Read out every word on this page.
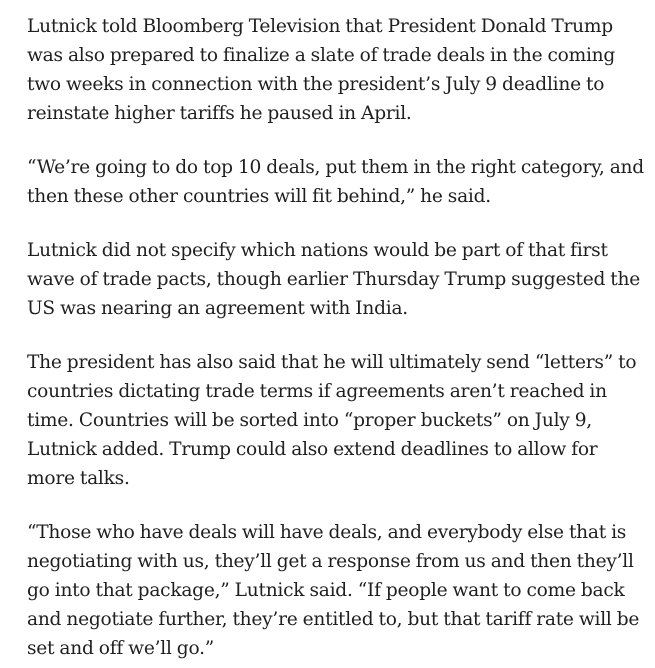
Lutnick told Bloomberg Television that President Donald Trump was also prepared to finalize a slate of trade deals in the coming two weeks in connection with the president’s July 9 deadline to reinstate higher tariffs he paused in April.

“We’re going to do top 10 deals, put them in the right category, and then these other countries will fit behind,” he said.

Lutnick did not specify which nations would be part of that first wave of trade pacts, though earlier Thursday Trump suggested the US was nearing an agreement with India.

The president has also said that he will ultimately send “letters” to countries dictating trade terms if agreements aren’t reached in time. Countries will be sorted into “proper buckets” on July 9, Lutnick added. Trump could also extend deadlines to allow for more talks.

“Those who have deals will have deals, and everybody else that is negotiating with us, they’ll get a response from us and then they’ll go into that package,” Lutnick said. “If people want to come back and negotiate further, they’re entitled to, but that tariff rate will be set and off we’ll go.”
